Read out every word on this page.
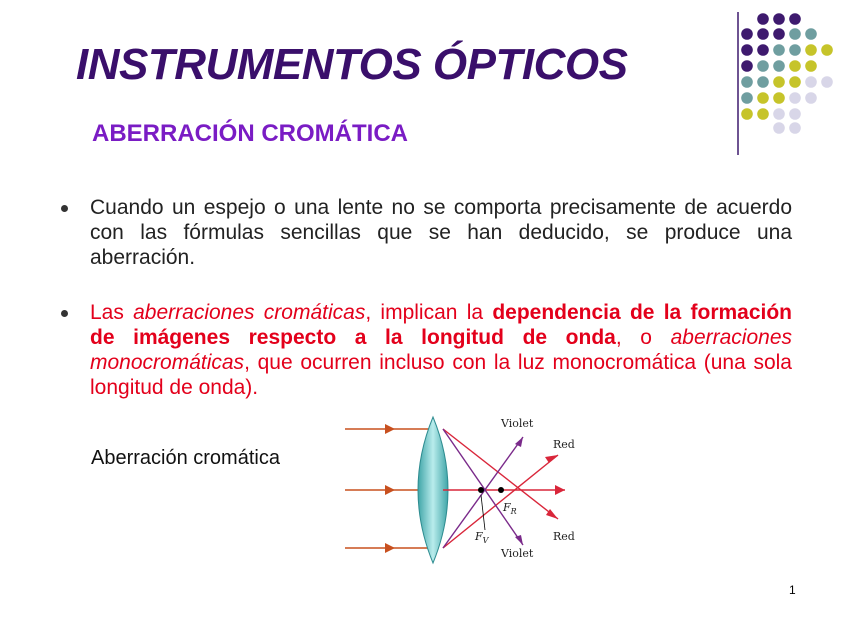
INSTRUMENTOS ÓPTICOS
ABERRACIÓN CROMÁTICA
Cuando un espejo o una lente no se comporta precisamente de acuerdo con las fórmulas sencillas que se han deducido, se produce una aberración.
Las aberraciones cromáticas, implican la dependencia de la formación de imágenes respecto a la longitud de onda, o aberraciones monocromáticas, que ocurren incluso con la luz monocromática (una sola longitud de onda).
Aberración cromática
Violet
Red
$F_R$
Red
$F_V$
Violet
1
